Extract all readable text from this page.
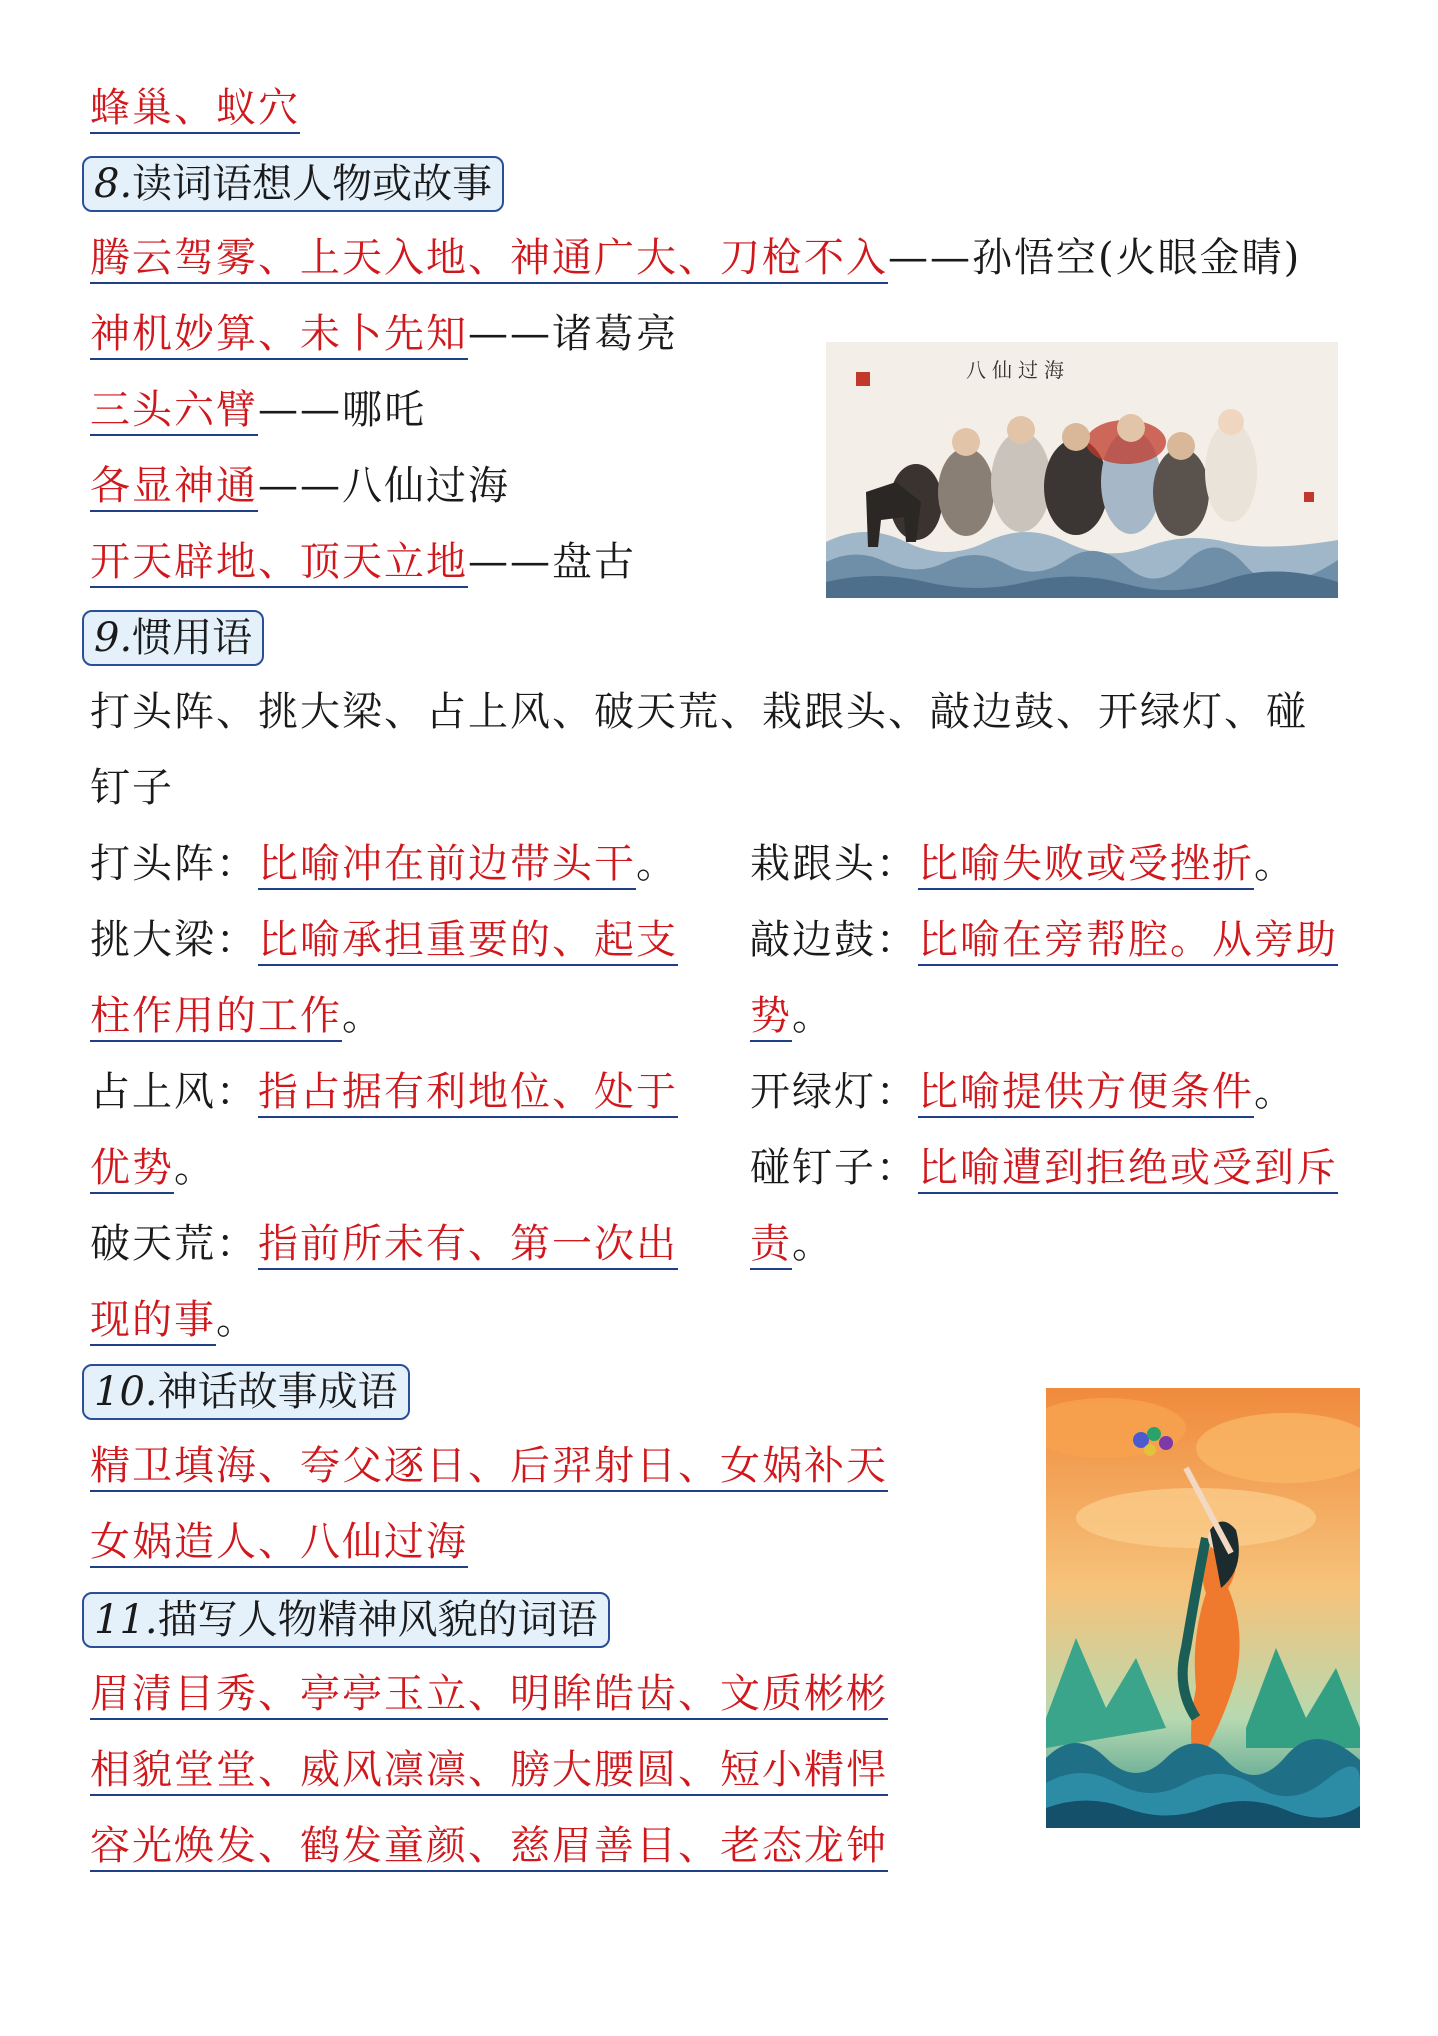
蜂巢、蚁穴
8.读词语想人物或故事
腾云驾雾、上天入地、神通广大、刀枪不入——孙悟空(火眼金睛)
神机妙算、未卜先知——诸葛亮
三头六臂——哪吒
各显神通——八仙过海
开天辟地、顶天立地——盘古
八仙过海
9.惯用语
打头阵、挑大梁、占上风、破天荒、栽跟头、敲边鼓、开绿灯、碰
钉子
打头阵：比喻冲在前边带头干。
挑大梁：比喻承担重要的、起支
柱作用的工作。
占上风：指占据有利地位、处于
优势。
破天荒：指前所未有、第一次出
现的事。
栽跟头：比喻失败或受挫折。
敲边鼓：比喻在旁帮腔。从旁助
势。
开绿灯：比喻提供方便条件。
碰钉子：比喻遭到拒绝或受到斥
责。
10.神话故事成语
精卫填海、夸父逐日、后羿射日、女娲补天
女娲造人、八仙过海
11.描写人物精神风貌的词语
眉清目秀、亭亭玉立、明眸皓齿、文质彬彬
相貌堂堂、威风凛凛、膀大腰圆、短小精悍
容光焕发、鹤发童颜、慈眉善目、老态龙钟
